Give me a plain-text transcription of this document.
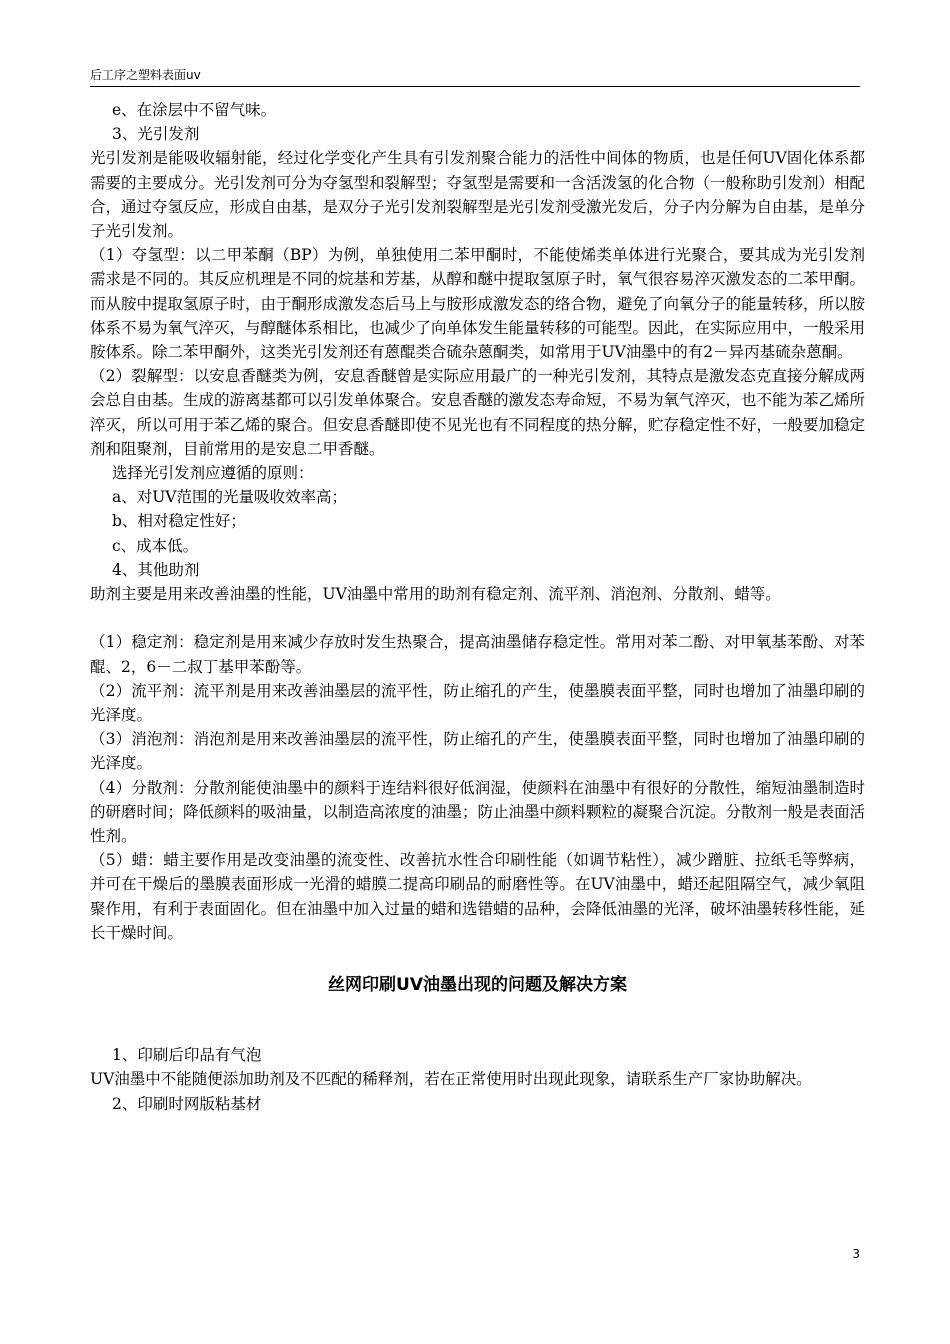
后工序之塑料表面uv

e、在涂层中不留气味。

3、光引发剂

光引发剂是能吸收辐射能，经过化学变化产生具有引发剂聚合能力的活性中间体的物质，也是任何UV固化体系都需要的主要成分。光引发剂可分为夺氢型和裂解型；夺氢型是需要和一含活泼氢的化合物（一般称助引发剂）相配合，通过夺氢反应，形成自由基，是双分子光引发剂裂解型是光引发剂受激光发后，分子内分解为自由基，是单分子光引发剂。

（1）夺氢型：以二甲苯酮（BP）为例，单独使用二苯甲酮时，不能使烯类单体进行光聚合，要其成为光引发剂需求是不同的。其反应机理是不同的烷基和芳基，从醇和醚中提取氢原子时，氧气很容易淬灭激发态的二苯甲酮。而从胺中提取氢原子时，由于酮形成激发态后马上与胺形成激发态的络合物，避免了向氧分子的能量转移，所以胺体系不易为氧气淬灭，与醇醚体系相比，也减少了向单体发生能量转移的可能型。因此，在实际应用中，一般采用胺体系。除二苯甲酮外，这类光引发剂还有蒽醌类合硫杂蒽酮类，如常用于UV油墨中的有2－异丙基硫杂蒽酮。

（2）裂解型：以安息香醚类为例，安息香醚曾是实际应用最广的一种光引发剂，其特点是激发态克直接分解成两会总自由基。生成的游离基都可以引发单体聚合。安息香醚的激发态寿命短，不易为氧气淬灭，也不能为苯乙烯所淬灭，所以可用于苯乙烯的聚合。但安息香醚即使不见光也有不同程度的热分解，贮存稳定性不好，一般要加稳定剂和阻聚剂，目前常用的是安息二甲香醚。

选择光引发剂应遵循的原则：

a、对UV范围的光量吸收效率高；

b、相对稳定性好；

c、成本低。

4、其他助剂

助剂主要是用来改善油墨的性能，UV油墨中常用的助剂有稳定剂、流平剂、消泡剂、分散剂、蜡等。

（1）稳定剂：稳定剂是用来减少存放时发生热聚合，提高油墨储存稳定性。常用对苯二酚、对甲氧基苯酚、对苯醌、2，6－二叔丁基甲苯酚等。

（2）流平剂：流平剂是用来改善油墨层的流平性，防止缩孔的产生，使墨膜表面平整，同时也增加了油墨印刷的光泽度。

（3）消泡剂：消泡剂是用来改善油墨层的流平性，防止缩孔的产生，使墨膜表面平整，同时也增加了油墨印刷的光泽度。

（4）分散剂：分散剂能使油墨中的颜料于连结料很好低润湿，使颜料在油墨中有很好的分散性，缩短油墨制造时的研磨时间；降低颜料的吸油量，以制造高浓度的油墨；防止油墨中颜料颗粒的凝聚合沉淀。分散剂一般是表面活性剂。

（5）蜡：蜡主要作用是改变油墨的流变性、改善抗水性合印刷性能（如调节粘性），减少蹭脏、拉纸毛等弊病，并可在干燥后的墨膜表面形成一光滑的蜡膜二提高印刷品的耐磨性等。在UV油墨中，蜡还起阻隔空气，减少氧阻聚作用，有利于表面固化。但在油墨中加入过量的蜡和选错蜡的品种，会降低油墨的光泽，破坏油墨转移性能，延长干燥时间。

丝网印刷UV油墨出现的问题及解决方案

1、印刷后印品有气泡

UV油墨中不能随便添加助剂及不匹配的稀释剂，若在正常使用时出现此现象，请联系生产厂家协助解决。

2、印刷时网版粘基材

3
